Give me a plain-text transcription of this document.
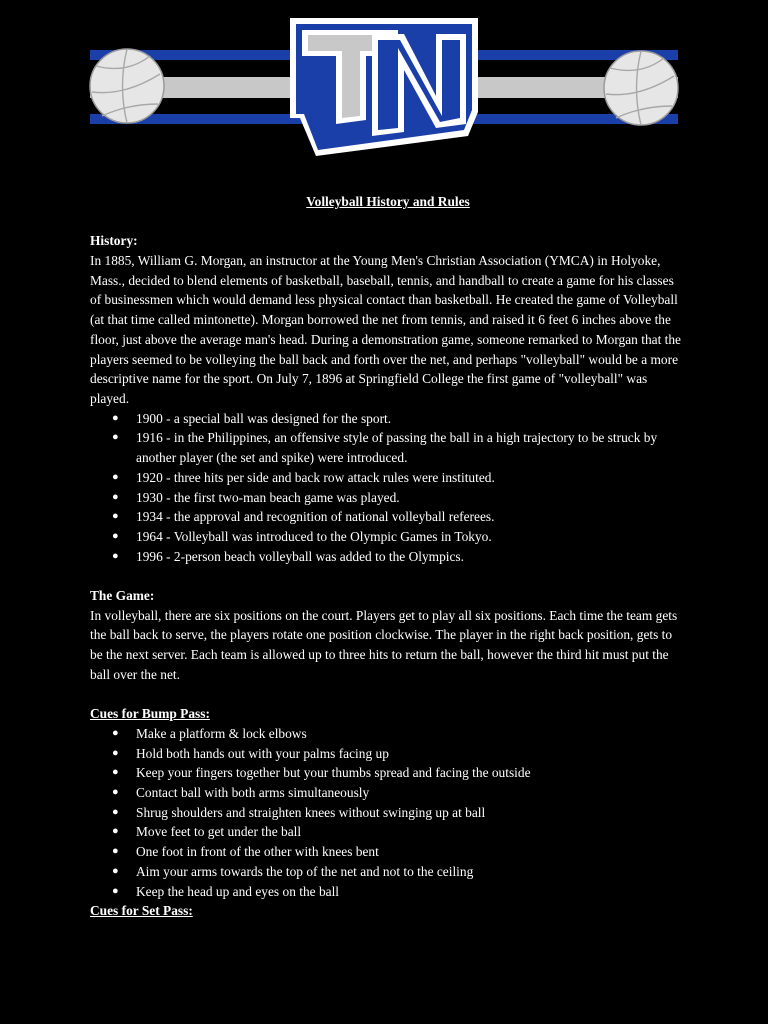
Volleyball History and Rules
History:

In 1885, William G. Morgan, an instructor at the Young Men's Christian Association (YMCA) in Holyoke, Mass., decided to blend elements of basketball, baseball, tennis, and handball to create a game for his classes of businessmen which would demand less physical contact than basketball. He created the game of Volleyball (at that time called mintonette). Morgan borrowed the net from tennis, and raised it 6 feet 6 inches above the floor, just above the average man's head. During a demonstration game, someone remarked to Morgan that the players seemed to be volleying the ball back and forth over the net, and perhaps "volleyball" would be a more descriptive name for the sport. On July 7, 1896 at Springfield College the first game of "volleyball" was played.

●	1900 - a special ball was designed for the sport.
●	1916 - in the Philippines, an offensive style of passing the ball in a high trajectory to be struck by another player (the set and spike) were introduced.
●	1920 - three hits per side and back row attack rules were instituted.
●	1930 - the first two-man beach game was played.
●	1934 - the approval and recognition of national volleyball referees.
●	1964 - Volleyball was introduced to the Olympic Games in Tokyo.
●	1996 - 2-person beach volleyball was added to the Olympics.
The Game:

In volleyball, there are six positions on the court. Players get to play all six positions. Each time the team gets the ball back to serve, the players rotate one position clockwise. The player in the right back position, gets to be the next server. Each team is allowed up to three hits to return the ball, however the third hit must put the ball over the net.

Cues for Bump Pass:
●	Make a platform & lock elbows
●	Hold both hands out with your palms facing up
●	Keep your fingers together but your thumbs spread and facing the outside
●	Contact ball with both arms simultaneously
●	Shrug shoulders and straighten knees without swinging up at ball
●	Move feet to get under the ball
●	One foot in front of the other with knees bent
●	Aim your arms towards the top of the net and not to the ceiling
●	Keep the head up and eyes on the ball
Cues for Set Pass:
